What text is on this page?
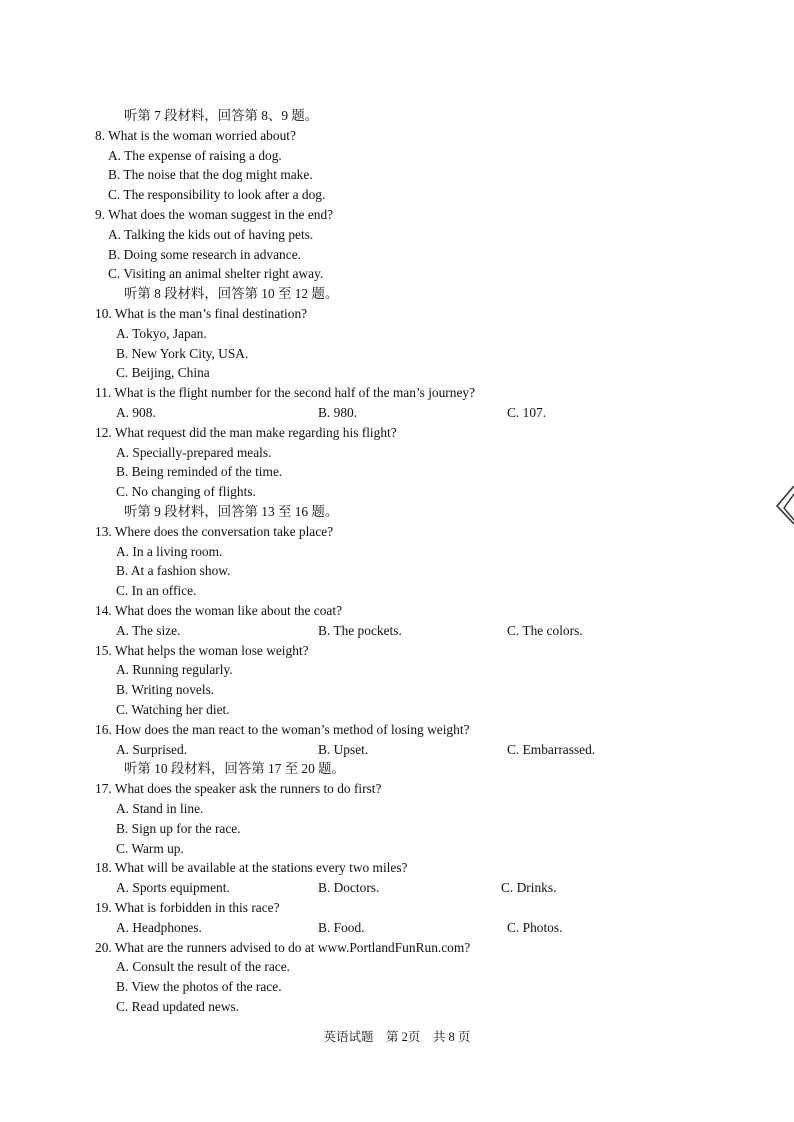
听第 7 段材料，回答第 8、9 题。
8. What is the woman worried about?
A. The expense of raising a dog.
B. The noise that the dog might make.
C. The responsibility to look after a dog.
9. What does the woman suggest in the end?
A. Talking the kids out of having pets.
B. Doing some research in advance.
C. Visiting an animal shelter right away.
听第 8 段材料，回答第 10 至 12 题。
10. What is the man’s final destination?
A. Tokyo, Japan.
B. New York City, USA.
C. Beijing, China
11. What is the flight number for the second half of the man’s journey?
A. 908.	B. 980.	C. 107.
12. What request did the man make regarding his flight?
A. Specially-prepared meals.
B. Being reminded of the time.
C. No changing of flights.
听第 9 段材料，回答第 13 至 16 题。
13. Where does the conversation take place?
A. In a living room.
B. At a fashion show.
C. In an office.
14. What does the woman like about the coat?
A. The size.	B. The pockets.	C. The colors.
15. What helps the woman lose weight?
A. Running regularly.
B. Writing novels.
C. Watching her diet.
16. How does the man react to the woman’s method of losing weight?
A. Surprised.	B. Upset.	C. Embarrassed.
听第 10 段材料，回答第 17 至 20 题。
17. What does the speaker ask the runners to do first?
A. Stand in line.
B. Sign up for the race.
C. Warm up.
18. What will be available at the stations every two miles?
A. Sports equipment.	B. Doctors.	C. Drinks.
19. What is forbidden in this race?
A. Headphones.	B. Food.	C. Photos.
20. What are the runners advised to do at www.PortlandFunRun.com?
A. Consult the result of the race.
B. View the photos of the race.
C. Read updated news.
英语试题　第 2页　共 8 页
